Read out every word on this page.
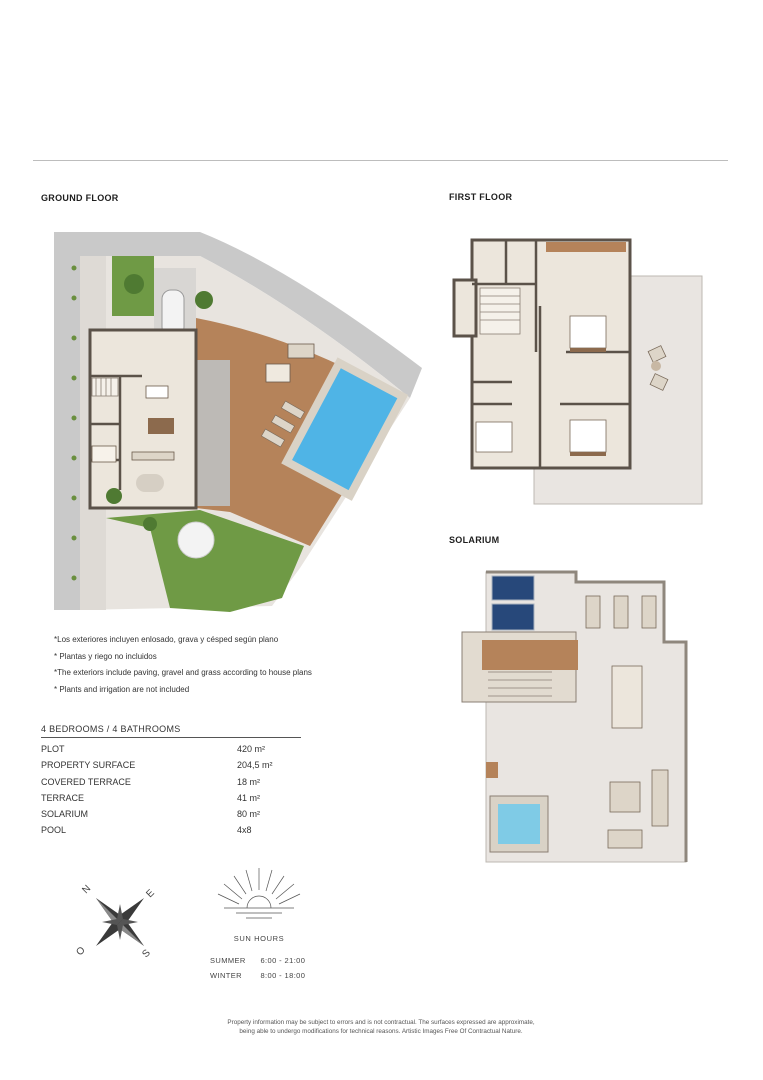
GROUND FLOOR	FIRST FLOOR
SOLARIUM
*Los exteriores incluyen enlosado, grava y césped según plano
* Plantas y riego no incluidos
*The exteriors include paving, gravel and grass according to house plans
* Plants and irrigation are not included
4 BEDROOMS / 4 BATHROOMS
PLOT	420 m²
PROPERTY SURFACE	204,5 m²
COVERED TERRACE	18 m²
TERRACE	41 m²
SOLARIUM	80 m²
POOL	4x8
N	E
S
O
SUN HOURS
SUMMER 6:00 - 21:00
WINTER 8:00 - 18:00
Property information may be subject to errors and is not contractual. The surfaces expressed are approximate,
being able to undergo modifications for technical reasons. Artistic Images Free Of Contractual Nature.
